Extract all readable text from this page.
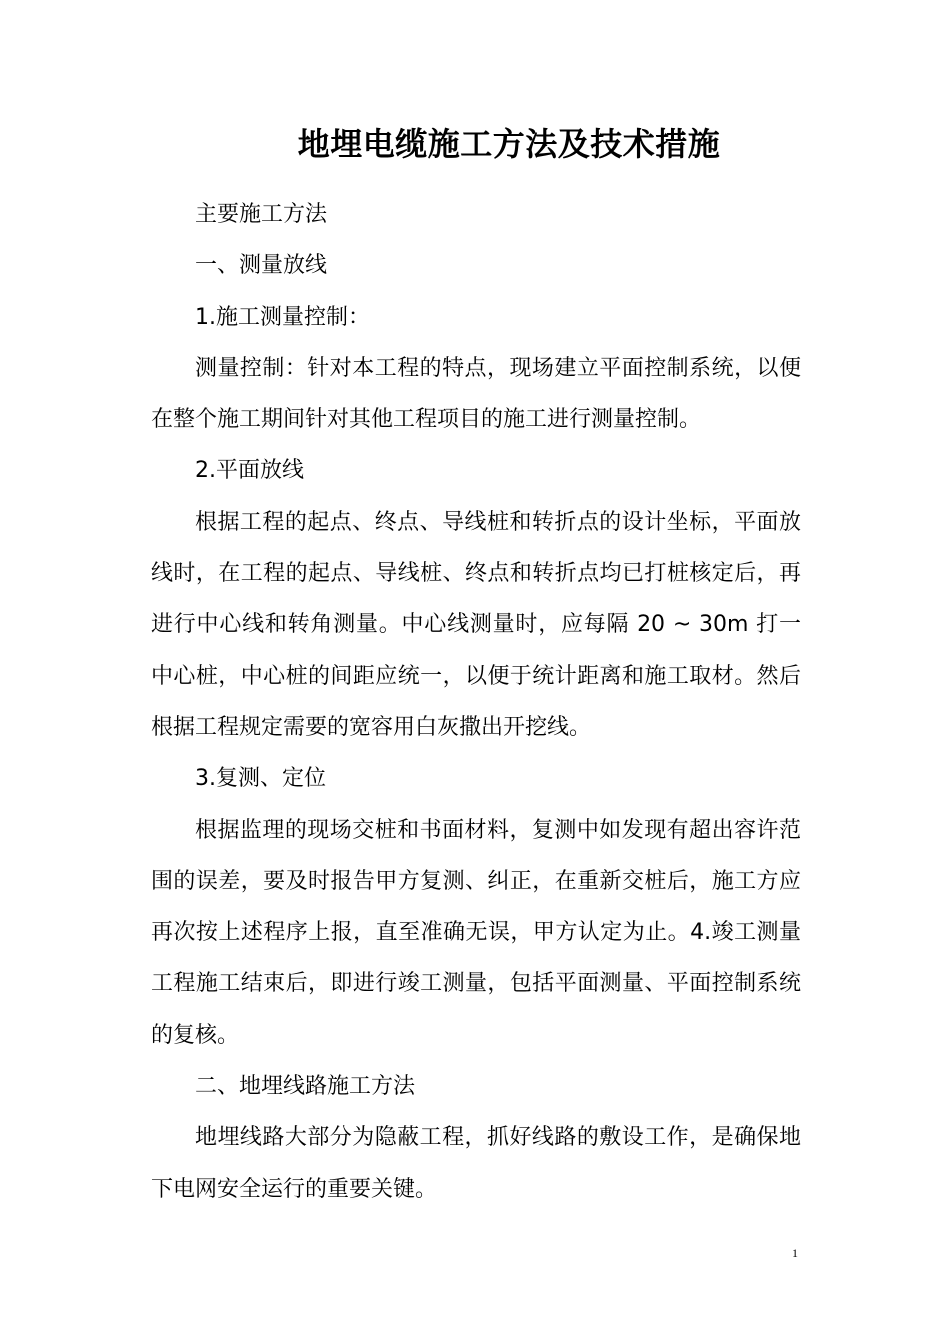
地埋电缆施工方法及技术措施

主要施工方法

一、测量放线

1.施工测量控制：

测量控制：针对本工程的特点，现场建立平面控制系统，以便在整个施工期间针对其他工程项目的施工进行测量控制。

2.平面放线

根据工程的起点、终点、导线桩和转折点的设计坐标，平面放线时，在工程的起点、导线桩、终点和转折点均已打桩核定后，再进行中心线和转角测量。中心线测量时，应每隔 20 ~ 30m 打一中心桩，中心桩的间距应统一，以便于统计距离和施工取材。然后根据工程规定需要的宽容用白灰撒出开挖线。

3.复测、定位

根据监理的现场交桩和书面材料，复测中如发现有超出容许范围的误差，要及时报告甲方复测、纠正，在重新交桩后，施工方应再次按上述程序上报，直至准确无误，甲方认定为止。4.竣工测量工程施工结束后，即进行竣工测量，包括平面测量、平面控制系统的复核。

二、地埋线路施工方法

地埋线路大部分为隐蔽工程，抓好线路的敷设工作，是确保地下电网安全运行的重要关键。

1
